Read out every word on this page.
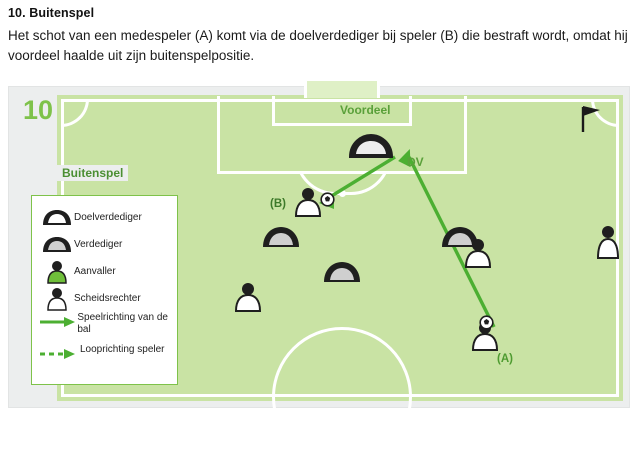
10. Buitenspel
Het schot van een medespeler (A) komt via de doelverdediger bij speler (B) die bestraft wordt, omdat hij voordeel haalde uit zijn buitenspelpositie.
10	Voordeel
DV
(B)
(A)
Buitenspel
Doelverdediger
Verdediger
Aanvaller
Scheidsrechter
Speelrichting van de bal
Looprichting speler
